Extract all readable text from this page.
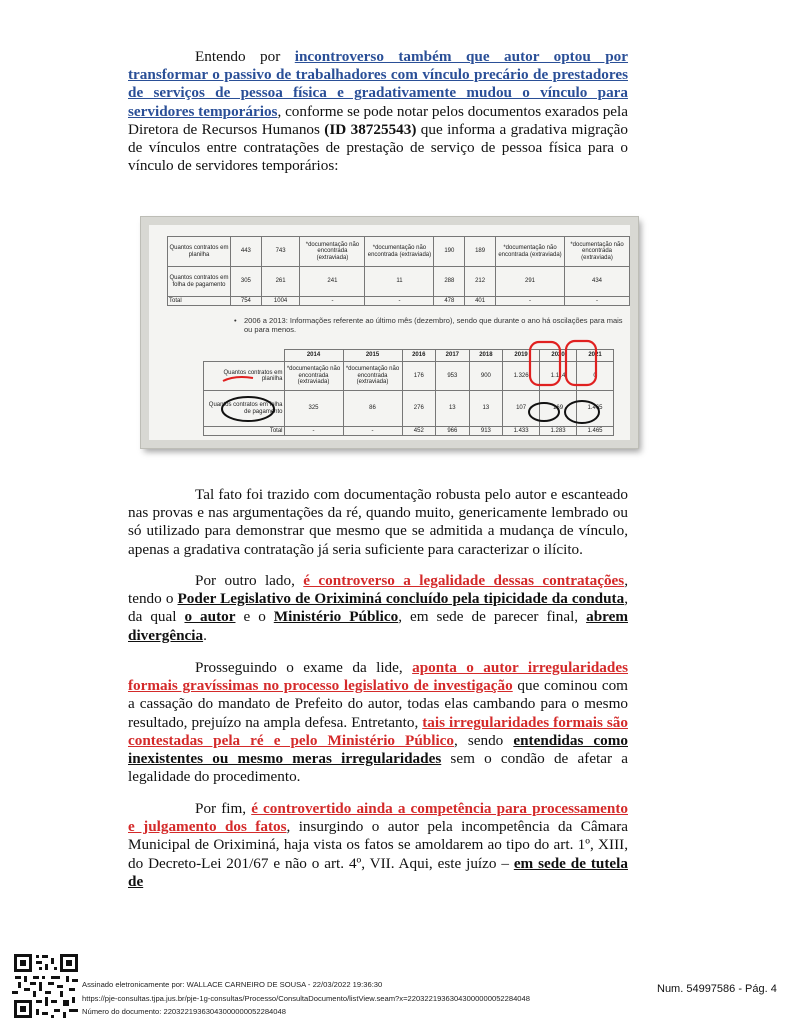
Entendo por incontroverso também que autor optou por transformar o passivo de trabalhadores com vínculo precário de prestadores de serviços de pessoa física e gradativamente mudou o vínculo para servidores temporários, conforme se pode notar pelos documentos exarados pela Diretora de Recursos Humanos (ID 38725543) que informa a gradativa migração de vínculos entre contratações de prestação de serviço de pessoa física para o vínculo de servidores temporários:

Quantos contratos em planilha	443	743	*documentação não encontrada (extraviada)	*documentação não encontrada (extraviada)	190	189	*documentação não encontrada (extraviada)	*documentação não encontrada (extraviada)
Quantos contratos em folha de pagamento	305	261	241	11	288	212	291	434
Total	754	1004	-	-	478	401	-	-
• 2006 a 2013: Informações referente ao último mês (dezembro), sendo que durante o ano há oscilações para mais ou para menos.
	2014	2015	2016	2017	2018	2019	2020	2021
Quantos contratos em planilha	*documentação não encontrada (extraviada)	*documentação não encontrada (extraviada)	176	953	900	1.326	1.114	0
Quantos contratos em folha de pagamento	325	86	276	13	13	107	169	1.465
Total	-	-	452	966	913	1.433	1.283	1.465

Tal fato foi trazido com documentação robusta pelo autor e escanteado nas provas e nas argumentações da ré, quando muito, genericamente lembrado ou só utilizado para demonstrar que mesmo que se admitida a mudança de vínculo, apenas a gradativa contratação já seria suficiente para caracterizar o ilícito.

Por outro lado, é controverso a legalidade dessas contratações, tendo o Poder Legislativo de Oriximiná concluído pela tipicidade da conduta, da qual o autor e o Ministério Público, em sede de parecer final, abrem divergência.

Prosseguindo o exame da lide, aponta o autor irregularidades formais gravíssimas no processo legislativo de investigação que cominou com a cassação do mandato de Prefeito do autor, todas elas cambando para o mesmo resultado, prejuízo na ampla defesa. Entretanto, tais irregularidades formais são contestadas pela ré e pelo Ministério Público, sendo entendidas como inexistentes ou mesmo meras irregularidades sem o condão de afetar a legalidade do procedimento.

Por fim, é controvertido ainda a competência para processamento e julgamento dos fatos, insurgindo o autor pela incompetência da Câmara Municipal de Oriximiná, haja vista os fatos se amoldarem ao tipo do art. 1º, XIII, do Decreto-Lei 201/67 e não o art. 4º, VII. Aqui, este juízo – em sede de tutela de

Assinado eletronicamente por: WALLACE CARNEIRO DE SOUSA - 22/03/2022 19:36:30
https://pje-consultas.tjpa.jus.br/pje-1g-consultas/Processo/ConsultaDocumento/listView.seam?x=22032219363043000000052284048
Número do documento: 22032219363043000000052284048
Num. 54997586 - Pág. 4
